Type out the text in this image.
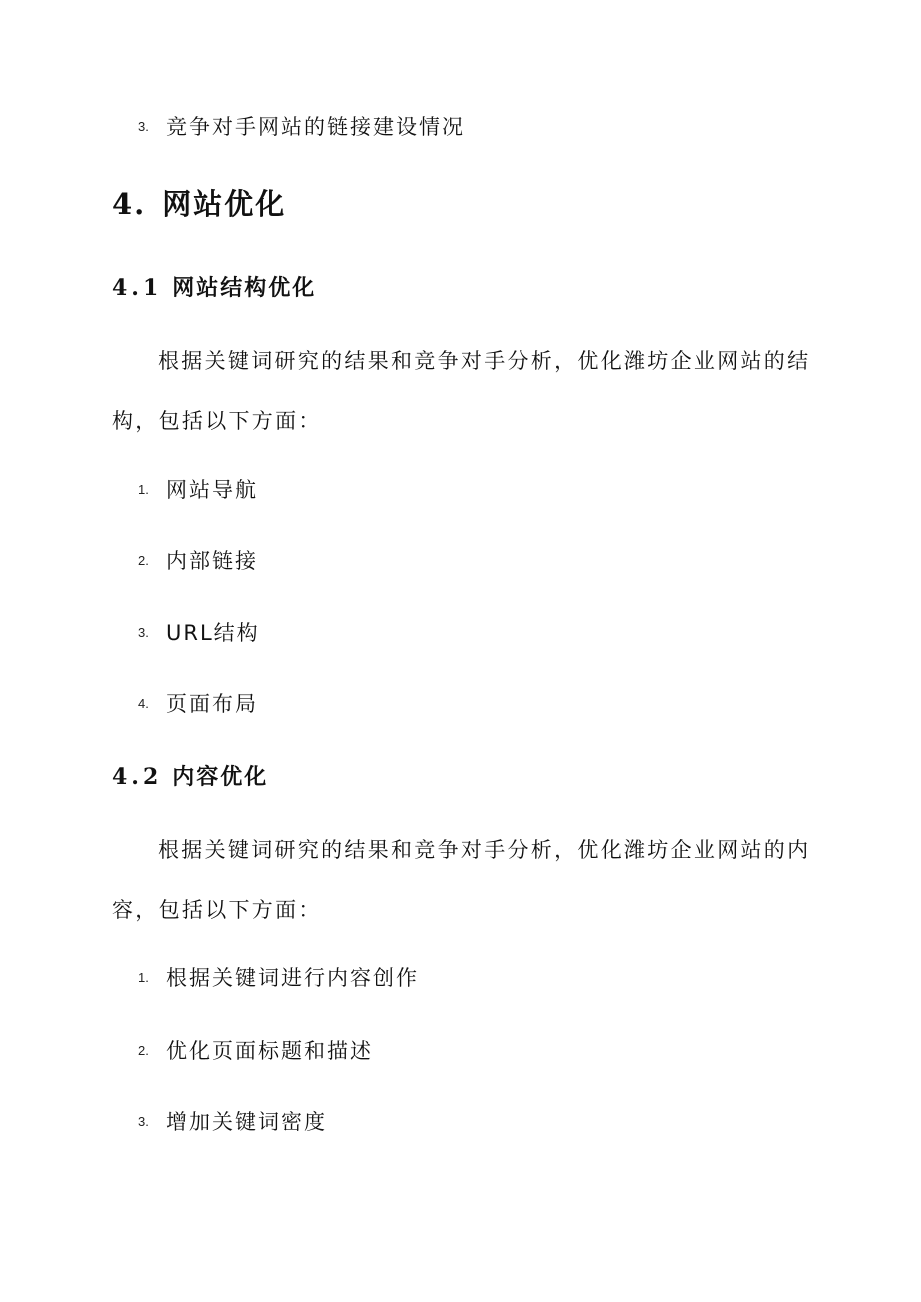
3. 竞争对手网站的链接建设情况
4. 网站优化
4.1 网站结构优化

根据关键词研究的结果和竞争对手分析，优化潍坊企业网站的结构，包括以下方面：

1. 网站导航
2. 内部链接
3. URL结构
4. 页面布局
4.2 内容优化

根据关键词研究的结果和竞争对手分析，优化潍坊企业网站的内容，包括以下方面：

1. 根据关键词进行内容创作
2. 优化页面标题和描述
3. 增加关键词密度
